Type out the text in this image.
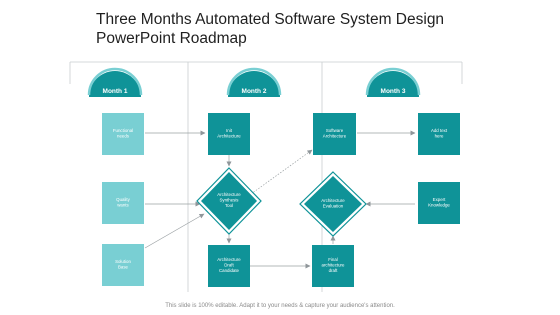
Three Months Automated Software System Design PowerPoint Roadmap
Month 1	Month 2	Month 3
Functional
needs
Quality
wants
Solution
Base
Init
Architecture
Architecture
Synthesis
Tool
Architecture
Draft
Candidate
Software
Architecture
Architecture
Evaluation
Final
architecture
draft
Add text
here
Expert
Knowledge
This slide is 100% editable. Adapt it to your needs & capture your audience's attention.
